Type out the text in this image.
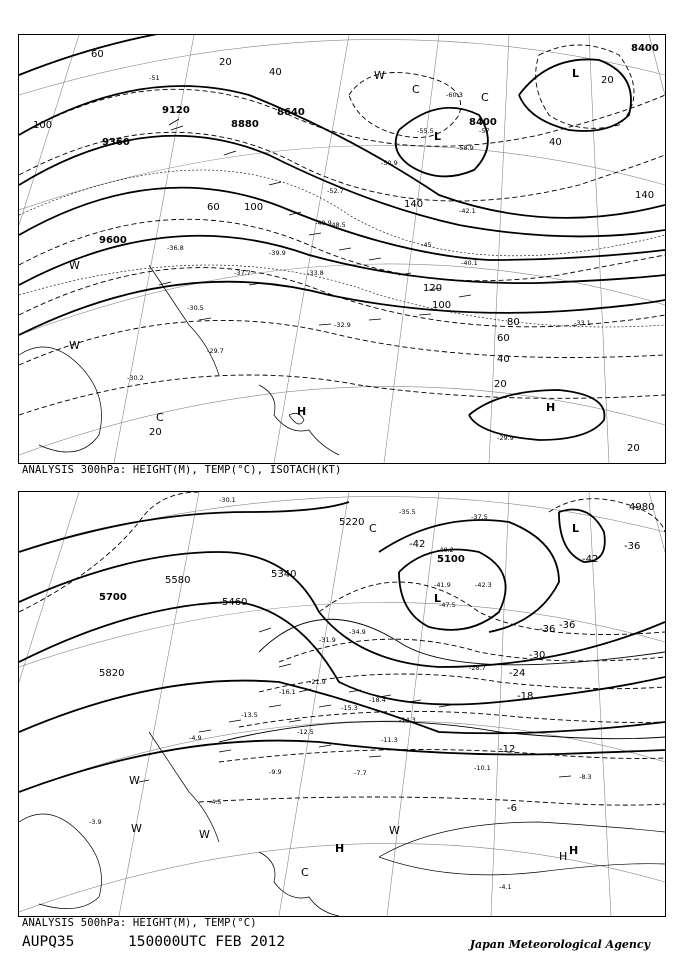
9120
9360
9600
8640
8880	8400
8400
100
60
40
20
60 100	140
140
120
100
80
60
40
20
40
20
20
20
-51
-55.5
-60.3
-58.9
-57
-52.7
-50.9
-49.9
-48.5
-45
-42.1
-40.1
-39.9
-37.7
-36.8
-33.8
-32.9
-30.5
-29.7
-29.9
-33.1
-30.2
L
L
H	H
C
C
C
W
W
W
ANALYSIS 300hPa: HEIGHT(M), TEMP(°C), ISOTACH(KT)
5700
5100
5580
5460
5340
5220
5820
4980
-42
-36
-36
-30
-24
-18
-12
-6
-36
-42
-30.1
-35.5
-40.2
-41.9	-42.3
-47.5
-37.5
-34.9
-31.9
-28.7
-21.9
-18.4
-16.1
-15.3
-12.5
-10.1
-7.7	-8.3
-4.9
-4.5
-4.1
-3.9
-13.5
-11.3
-14.3
-9.9
L
L
H	H
H
C
C
W
W	W
W
ANALYSIS 500hPa: HEIGHT(M), TEMP(°C)
AUPQ35	150000UTC FEB 2012	Japan Meteorological Agency
